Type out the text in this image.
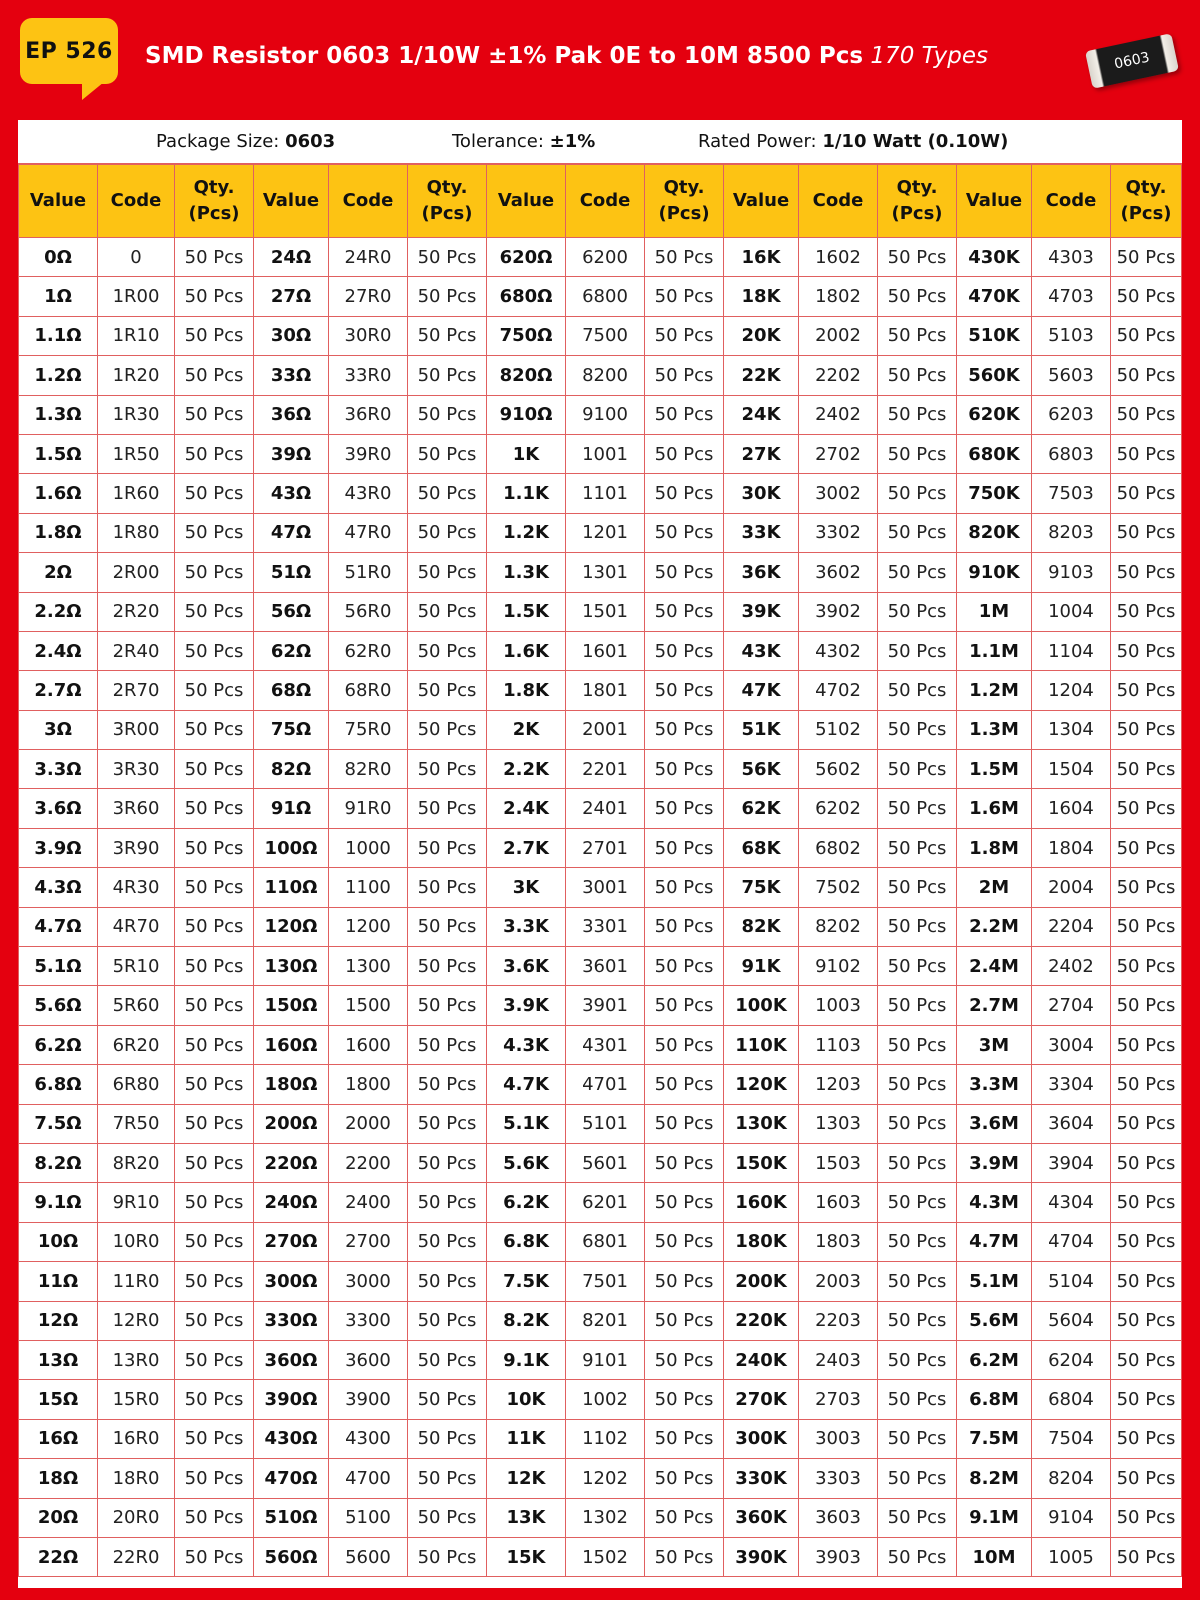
EP 526 SMD Resistor 0603 1/10W ±1% Pak 0E to 10M 8500 Pcs 170 Types	0603
Package Size: 0603	Tolerance: ±1%	Rated Power: 1/10 Watt (0.10W)
Value	Code	Qty. (Pcs)	Value	Code	Qty. (Pcs)	Value	Code	Qty. (Pcs)	Value	Code	Qty. (Pcs)	Value	Code	Qty. (Pcs)
0Ω	0	50 Pcs	24Ω	24R0	50 Pcs	620Ω	6200	50 Pcs	16K	1602	50 Pcs	430K	4303	50 Pcs
1Ω	1R00	50 Pcs	27Ω	27R0	50 Pcs	680Ω	6800	50 Pcs	18K	1802	50 Pcs	470K	4703	50 Pcs
1.1Ω	1R10	50 Pcs	30Ω	30R0	50 Pcs	750Ω	7500	50 Pcs	20K	2002	50 Pcs	510K	5103	50 Pcs
1.2Ω	1R20	50 Pcs	33Ω	33R0	50 Pcs	820Ω	8200	50 Pcs	22K	2202	50 Pcs	560K	5603	50 Pcs
1.3Ω	1R30	50 Pcs	36Ω	36R0	50 Pcs	910Ω	9100	50 Pcs	24K	2402	50 Pcs	620K	6203	50 Pcs
1.5Ω	1R50	50 Pcs	39Ω	39R0	50 Pcs	1K	1001	50 Pcs	27K	2702	50 Pcs	680K	6803	50 Pcs
1.6Ω	1R60	50 Pcs	43Ω	43R0	50 Pcs	1.1K	1101	50 Pcs	30K	3002	50 Pcs	750K	7503	50 Pcs
1.8Ω	1R80	50 Pcs	47Ω	47R0	50 Pcs	1.2K	1201	50 Pcs	33K	3302	50 Pcs	820K	8203	50 Pcs
2Ω	2R00	50 Pcs	51Ω	51R0	50 Pcs	1.3K	1301	50 Pcs	36K	3602	50 Pcs	910K	9103	50 Pcs
2.2Ω	2R20	50 Pcs	56Ω	56R0	50 Pcs	1.5K	1501	50 Pcs	39K	3902	50 Pcs	1M	1004	50 Pcs
2.4Ω	2R40	50 Pcs	62Ω	62R0	50 Pcs	1.6K	1601	50 Pcs	43K	4302	50 Pcs	1.1M	1104	50 Pcs
2.7Ω	2R70	50 Pcs	68Ω	68R0	50 Pcs	1.8K	1801	50 Pcs	47K	4702	50 Pcs	1.2M	1204	50 Pcs
3Ω	3R00	50 Pcs	75Ω	75R0	50 Pcs	2K	2001	50 Pcs	51K	5102	50 Pcs	1.3M	1304	50 Pcs
3.3Ω	3R30	50 Pcs	82Ω	82R0	50 Pcs	2.2K	2201	50 Pcs	56K	5602	50 Pcs	1.5M	1504	50 Pcs
3.6Ω	3R60	50 Pcs	91Ω	91R0	50 Pcs	2.4K	2401	50 Pcs	62K	6202	50 Pcs	1.6M	1604	50 Pcs
3.9Ω	3R90	50 Pcs	100Ω	1000	50 Pcs	2.7K	2701	50 Pcs	68K	6802	50 Pcs	1.8M	1804	50 Pcs
4.3Ω	4R30	50 Pcs	110Ω	1100	50 Pcs	3K	3001	50 Pcs	75K	7502	50 Pcs	2M	2004	50 Pcs
4.7Ω	4R70	50 Pcs	120Ω	1200	50 Pcs	3.3K	3301	50 Pcs	82K	8202	50 Pcs	2.2M	2204	50 Pcs
5.1Ω	5R10	50 Pcs	130Ω	1300	50 Pcs	3.6K	3601	50 Pcs	91K	9102	50 Pcs	2.4M	2402	50 Pcs
5.6Ω	5R60	50 Pcs	150Ω	1500	50 Pcs	3.9K	3901	50 Pcs	100K	1003	50 Pcs	2.7M	2704	50 Pcs
6.2Ω	6R20	50 Pcs	160Ω	1600	50 Pcs	4.3K	4301	50 Pcs	110K	1103	50 Pcs	3M	3004	50 Pcs
6.8Ω	6R80	50 Pcs	180Ω	1800	50 Pcs	4.7K	4701	50 Pcs	120K	1203	50 Pcs	3.3M	3304	50 Pcs
7.5Ω	7R50	50 Pcs	200Ω	2000	50 Pcs	5.1K	5101	50 Pcs	130K	1303	50 Pcs	3.6M	3604	50 Pcs
8.2Ω	8R20	50 Pcs	220Ω	2200	50 Pcs	5.6K	5601	50 Pcs	150K	1503	50 Pcs	3.9M	3904	50 Pcs
9.1Ω	9R10	50 Pcs	240Ω	2400	50 Pcs	6.2K	6201	50 Pcs	160K	1603	50 Pcs	4.3M	4304	50 Pcs
10Ω	10R0	50 Pcs	270Ω	2700	50 Pcs	6.8K	6801	50 Pcs	180K	1803	50 Pcs	4.7M	4704	50 Pcs
11Ω	11R0	50 Pcs	300Ω	3000	50 Pcs	7.5K	7501	50 Pcs	200K	2003	50 Pcs	5.1M	5104	50 Pcs
12Ω	12R0	50 Pcs	330Ω	3300	50 Pcs	8.2K	8201	50 Pcs	220K	2203	50 Pcs	5.6M	5604	50 Pcs
13Ω	13R0	50 Pcs	360Ω	3600	50 Pcs	9.1K	9101	50 Pcs	240K	2403	50 Pcs	6.2M	6204	50 Pcs
15Ω	15R0	50 Pcs	390Ω	3900	50 Pcs	10K	1002	50 Pcs	270K	2703	50 Pcs	6.8M	6804	50 Pcs
16Ω	16R0	50 Pcs	430Ω	4300	50 Pcs	11K	1102	50 Pcs	300K	3003	50 Pcs	7.5M	7504	50 Pcs
18Ω	18R0	50 Pcs	470Ω	4700	50 Pcs	12K	1202	50 Pcs	330K	3303	50 Pcs	8.2M	8204	50 Pcs
20Ω	20R0	50 Pcs	510Ω	5100	50 Pcs	13K	1302	50 Pcs	360K	3603	50 Pcs	9.1M	9104	50 Pcs
22Ω	22R0	50 Pcs	560Ω	5600	50 Pcs	15K	1502	50 Pcs	390K	3903	50 Pcs	10M	1005	50 Pcs
